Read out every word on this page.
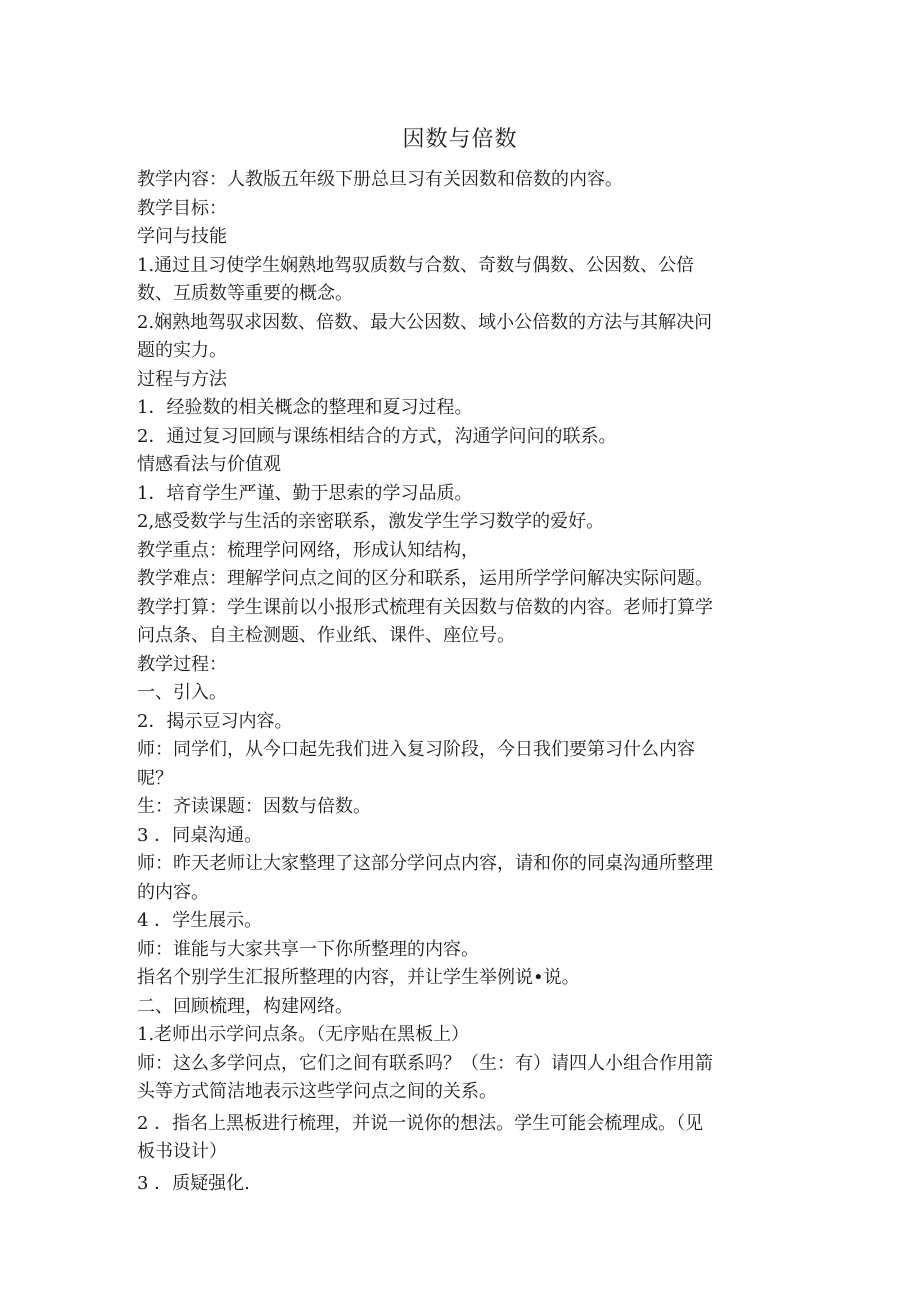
因数与倍数
教学内容：人教版五年级下册总旦习有关因数和倍数的内容。
教学目标：
学问与技能
1.通过且习使学生娴熟地驾驭质数与合数、奇数与偶数、公因数、公倍
数、互质数等重要的概念。
2.娴熟地驾驭求因数、倍数、最大公因数、域小公倍数的方法与其解决问
题的实力。
过程与方法
1．经验数的相关概念的整理和夏习过程。
2．通过复习回顾与课练相结合的方式，沟通学问问的联系。
情感看法与价值观
1．培育学生严谨、勤于思索的学习品质。
2,感受数学与生活的亲密联系，激发学生学习数学的爱好。
教学重点：梳理学问网络，形成认知结构，
教学难点：理解学问点之间的区分和联系，运用所学学问解决实际问题。
教学打算：学生课前以小报形式梳理有关因数与倍数的内容。老师打算学
问点条、自主检测题、作业纸、课件、座位号。
教学过程：
一、引入。
2．揭示豆习内容。
师：同学们，从今口起先我们进入复习阶段，今日我们要第习什么内容
呢？
生：齐读课题：因数与倍数。
3 ．同桌沟通。
师：昨天老师让大家整理了这部分学问点内容，请和你的同桌沟通所整理
的内容。
4 ．学生展示。
师：谁能与大家共享一下你所整理的内容。
指名个别学生汇报所整理的内容，并让学生举例说•说。
二、回顾梳理，构建网络。
1.老师出示学问点条。（无序贴在黑板上）
师：这么多学问点，它们之间有联系吗？（生：有）请四人小组合作用箭
头等方式简洁地表示这些学问点之间的关系。
2 ．指名上黑板进行梳理，并说一说你的想法。学生可能会梳理成。（见
板书设计）
3 ．质疑强化.
